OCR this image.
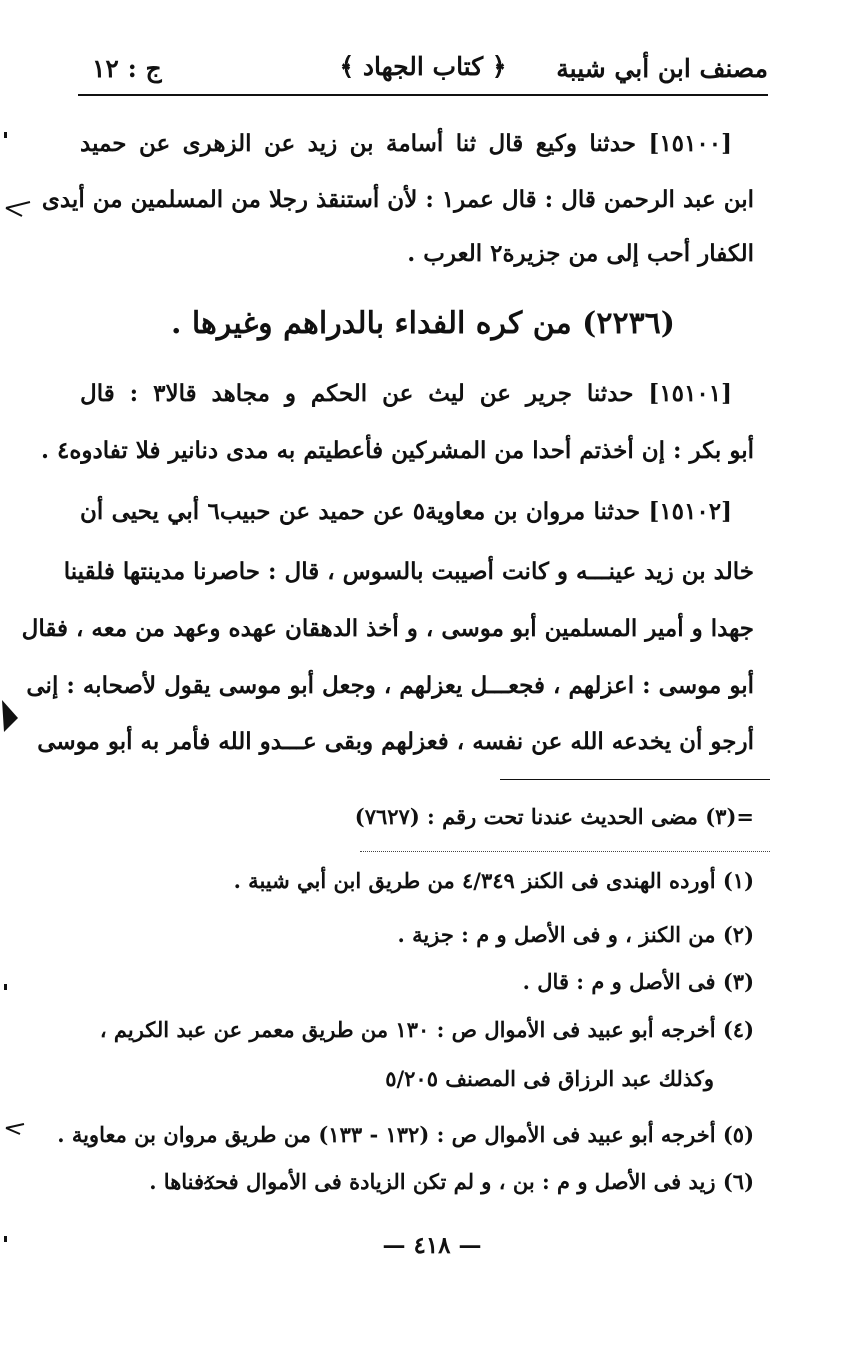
مصنف ابن أبي شيبة
﴿ كتاب الجهاد ﴾
ج : ١٢
[١٥١٠٠] حدثنا وكيع قال ثنا أسامة بن زيد عن الزهرى عن حميد
ابن عبد الرحمن قال : قال عمر١ : لأن أستنقذ رجلا من المسلمين من أيدى
الكفار أحب إلى من جزيرة٢ العرب .
(٢٢٣٦) من كره الفداء بالدراهم وغيرها .
[١٥١٠١] حدثنا جرير عن ليث عن الحكم و مجاهد قالا٣ : قال
أبو بكر : إن أخذتم أحدا من المشركين فأعطيتم به مدى دنانير فلا تفادوه٤ .
[١٥١٠٢] حدثنا مروان بن معاوية٥ عن حميد عن حبيب٦ أبي يحيى أن
خالد بن زيد عينـــه و كانت أصيبت بالسوس ، قال : حاصرنا مدينتها فلقينا
جهدا و أمير المسلمين أبو موسى ، و أخذ الدهقان عهده وعهد من معه ، فقال
أبو موسى : اعزلهم ، فجعـــل يعزلهم ، وجعل أبو موسى يقول لأصحابه : إنى
أرجو أن يخدعه الله عن نفسه ، فعزلهم وبقى عـــدو الله فأمر به أبو موسى
=(٣) مضى الحديث عندنا تحت رقم : (٧٦٢٧)
(١) أورده الهندى فى الكنز ٤/٣٤٩ من طريق ابن أبي شيبة .
(٢) من الكنز ، و فى الأصل و م : جزية .
(٣) فى الأصل و م : قال .
(٤) أخرجه أبو عبيد فى الأموال ص : ١٣٠ من طريق معمر عن عبد الكريم ،
وكذلك عبد الرزاق فى المصنف ٥/٢٠٥
(٥) أخرجه أبو عبيد فى الأموال ص : (١٣٢ - ١٣٣) من طريق مروان بن معاوية .
(٦) زيد فى الأصل و م : بن ، و لم تكن الزيادة فى الأموال فحذفناها .
— ٤١٨ —
